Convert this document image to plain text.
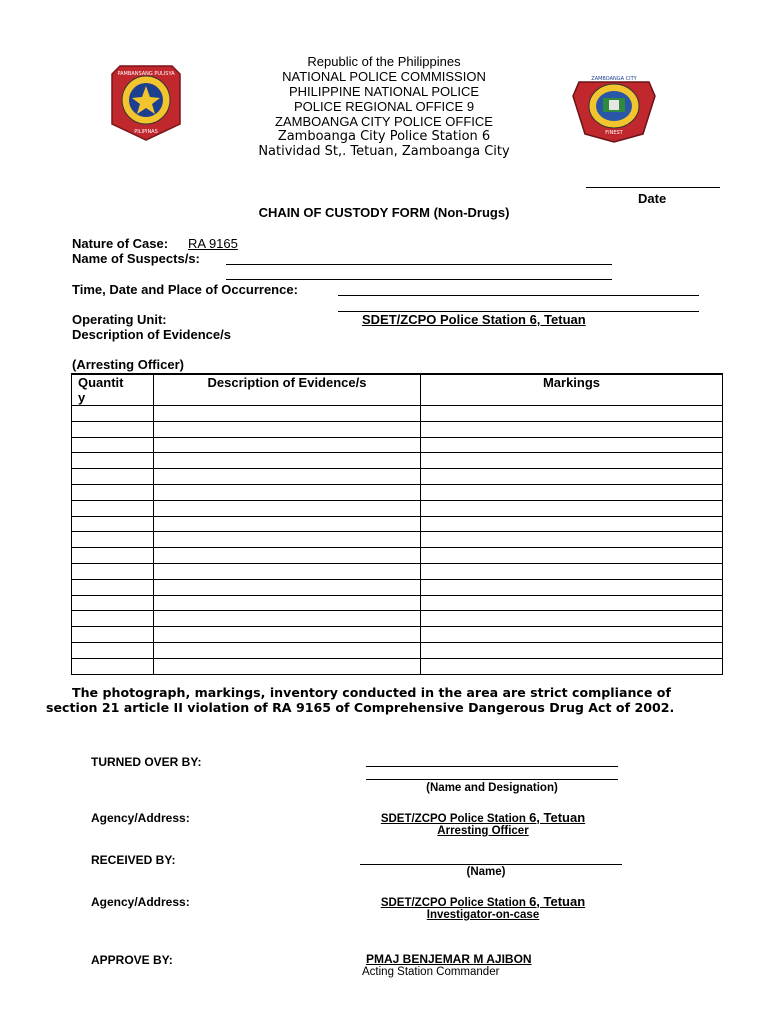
PAMBANSANG PULISYA
PILIPINAS
ZAMBOANGA CITY
FINEST
Republic of the Philippines
NATIONAL POLICE COMMISSION
PHILIPPINE NATIONAL POLICE
POLICE REGIONAL OFFICE 9
ZAMBOANGA CITY POLICE OFFICE
Zamboanga City Police Station 6
Natividad St,. Tetuan, Zamboanga City
Date
CHAIN OF CUSTODY FORM (Non-Drugs)
Nature of Case: RA 9165
Name of Suspects/s:
Time, Date and Place of Occurrence:
Operating Unit:	SDET/ZCPO Police Station 6, Tetuan
Description of Evidence/s
(Arresting Officer)
Quantit
y	Description of Evidence/s	Markings

The photograph, markings, inventory conducted in the area are strict compliance of section 21 article II violation of RA 9165 of Comprehensive Dangerous Drug Act of 2002.
TURNED OVER BY:
(Name and Designation)
Agency/Address:	SDET/ZCPO Police Station 6, Tetuan
Arresting Officer
RECEIVED BY:
(Name)
Agency/Address:	SDET/ZCPO Police Station 6, Tetuan
Investigator-on-case
APPROVE BY:	PMAJ BENJEMAR M AJIBON
Acting Station Commander
